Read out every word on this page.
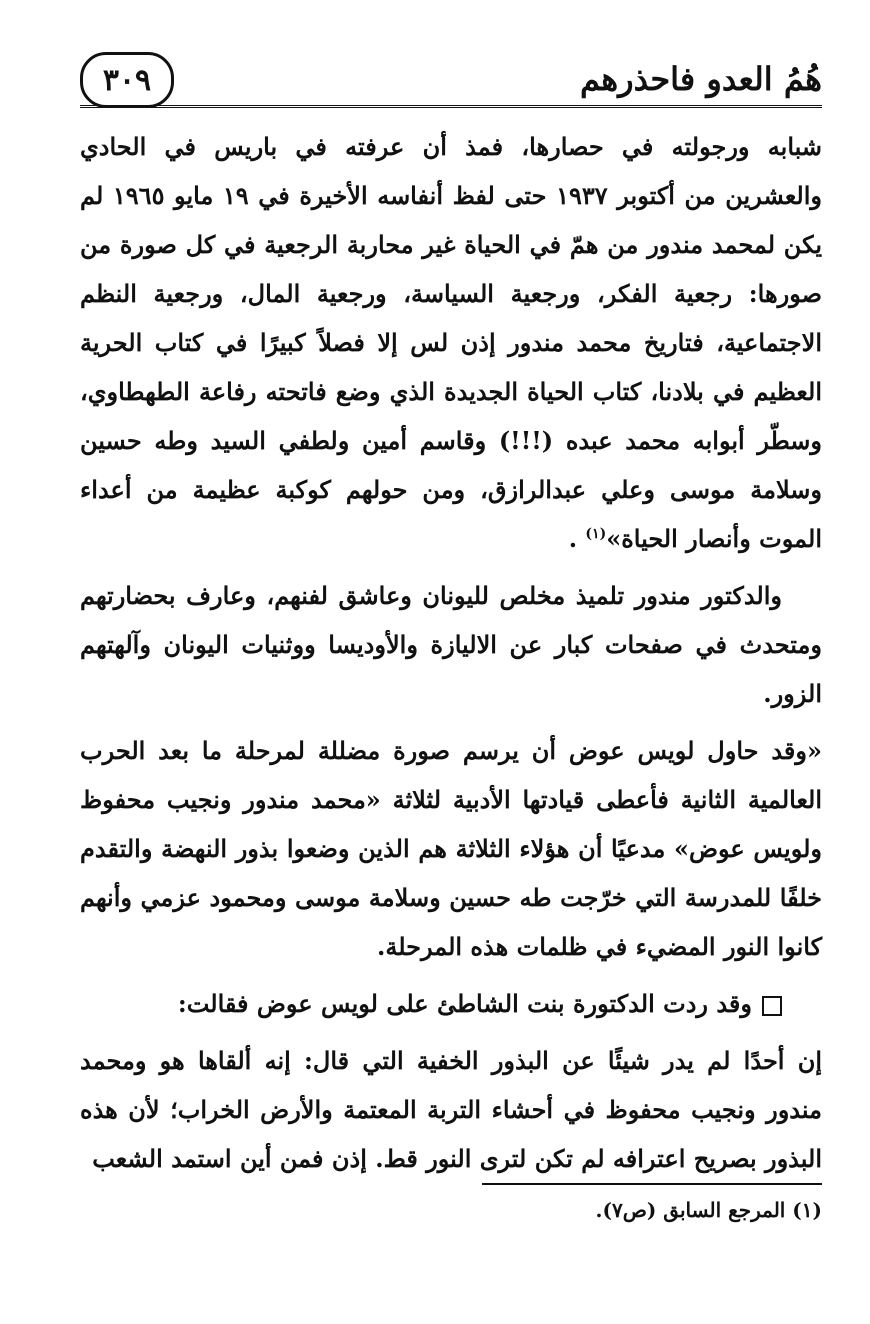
هُمُ العدو فاحذرهم
٣٠٩

شبابه ورجولته في حصارها، فمذ أن عرفته في باريس في الحادي والعشرين من أكتوبر ١٩٣٧ حتى لفظ أنفاسه الأخيرة في ١٩ مايو ١٩٦٥ لم يكن لمحمد مندور من همّ في الحياة غير محاربة الرجعية في كل صورة من صورها: رجعية الفكر، ورجعية السياسة، ورجعية المال، ورجعية النظم الاجتماعية، فتاريخ محمد مندور إذن لس إلا فصلاً كبيرًا في كتاب الحرية العظيم في بلادنا، كتاب الحياة الجديدة الذي وضع فاتحته رفاعة الطهطاوي، وسطّر أبوابه محمد عبده (!!!) وقاسم أمين ولطفي السيد وطه حسين وسلامة موسى وعلي عبدالرازق، ومن حولهم كوكبة عظيمة من أعداء الموت وأنصار الحياة»$^{(١)}$ .

والدكتور مندور تلميذ مخلص لليونان وعاشق لفنهم، وعارف بحضارتهم ومتحدث في صفحات كبار عن الاليازة والأوديسا ووثنيات اليونان وآلهتهم الزور.

«وقد حاول لويس عوض أن يرسم صورة مضللة لمرحلة ما بعد الحرب العالمية الثانية فأعطى قيادتها الأدبية لثلاثة «محمد مندور ونجيب محفوظ ولويس عوض» مدعيًا أن هؤلاء الثلاثة هم الذين وضعوا بذور النهضة والتقدم خلفًا للمدرسة التي خرّجت طه حسين وسلامة موسى ومحمود عزمي وأنهم كانوا النور المضيء في ظلمات هذه المرحلة.

وقد ردت الدكتورة بنت الشاطئ على لويس عوض فقالت:

إن أحدًا لم يدر شيئًا عن البذور الخفية التي قال: إنه ألقاها هو ومحمد مندور ونجيب محفوظ في أحشاء التربة المعتمة والأرض الخراب؛ لأن هذه البذور بصريح اعترافه لم تكن لترى النور قط. إذن فمن أين استمد الشعب

(١) المرجع السابق (ص٧).
